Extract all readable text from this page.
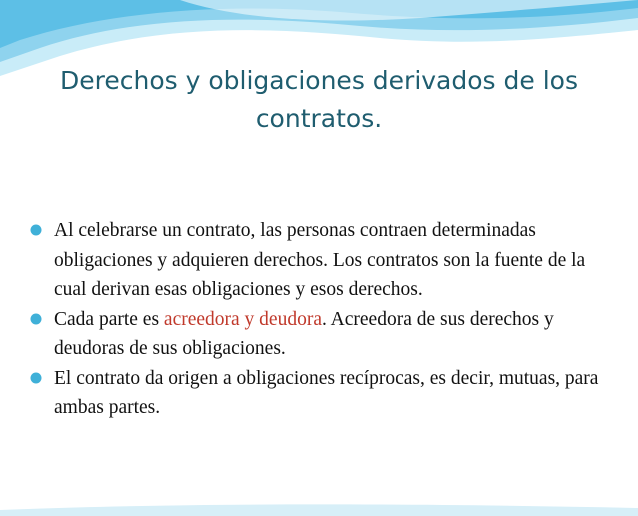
Derechos y obligaciones derivados de los
contratos.
Al celebrarse un contrato, las personas contraen determinadas obligaciones y adquieren derechos. Los contratos son la fuente de la cual derivan esas obligaciones y esos derechos.
Cada parte es acreedora y deudora. Acreedora de sus derechos y deudoras de sus obligaciones.
El contrato da origen a obligaciones recíprocas, es decir, mutuas, para ambas partes.
